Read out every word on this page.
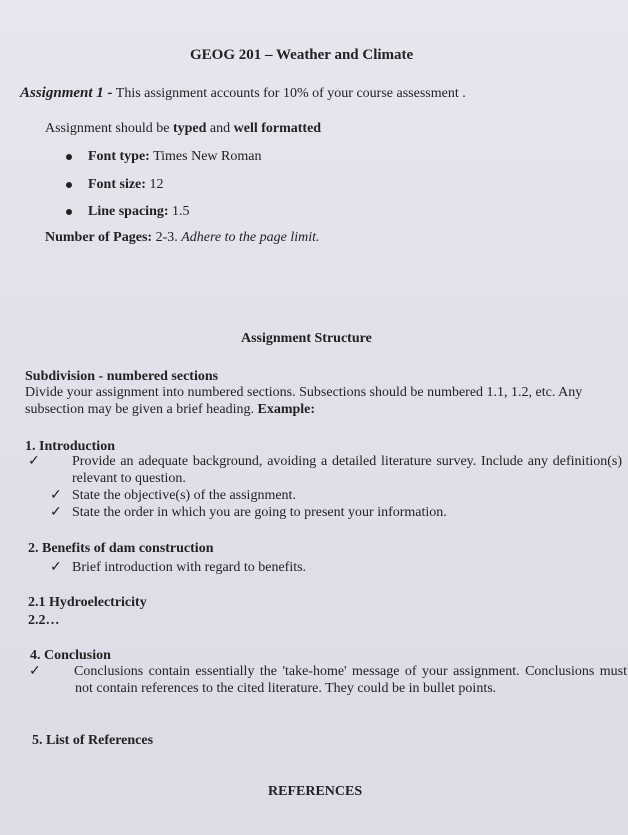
GEOG 201 – Weather and Climate
Assignment 1 - This assignment accounts for 10% of your course assessment .
Assignment should be typed and well formatted
Font type: Times New Roman
Font size: 12
Line spacing: 1.5
Number of Pages: 2-3. Adhere to the page limit.
Assignment Structure
Subdivision - numbered sections
Divide your assignment into numbered sections. Subsections should be numbered 1.1, 1.2, etc. Any subsection may be given a brief heading. Example:
1. Introduction
✓ Provide an adequate background, avoiding a detailed literature survey. Include any definition(s) relevant to question.
✓ State the objective(s) of the assignment.
✓ State the order in which you are going to present your information.
2. Benefits of dam construction
✓ Brief introduction with regard to benefits.
2.1 Hydroelectricity
2.2…
4. Conclusion
✓ Conclusions contain essentially the 'take-home' message of your assignment. Conclusions must not contain references to the cited literature. They could be in bullet points.
5. List of References
REFERENCES
